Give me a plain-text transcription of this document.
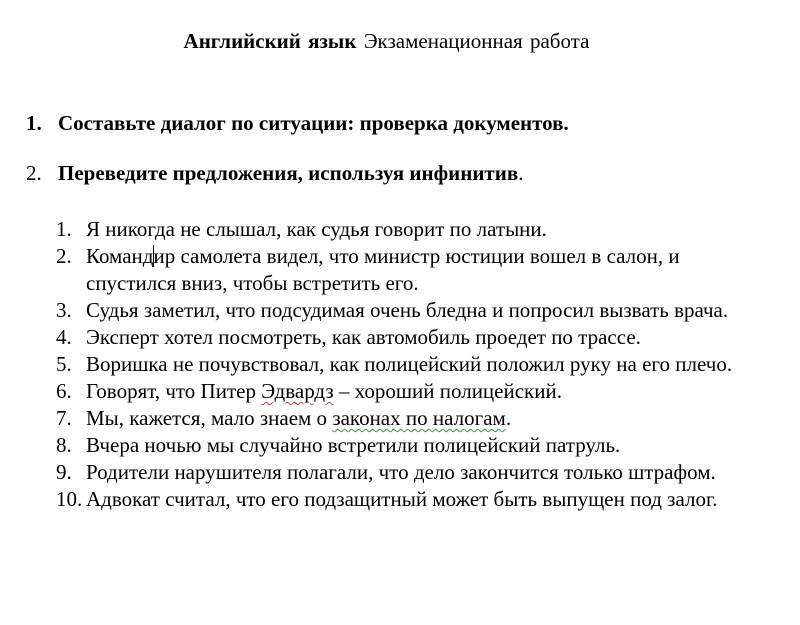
Английский язык Экзаменационная работа
1. Составьте диалог по ситуации: проверка документов.
2. Переведите предложения, используя инфинитив.
1. Я никогда не слышал, как судья говорит по латыни.
2. Командир самолета видел, что министр юстиции вошел в салон, и спустился вниз, чтобы встретить его.
3. Судья заметил, что подсудимая очень бледна и попросил вызвать врача.
4. Эксперт хотел посмотреть, как автомобиль проедет по трассе.
5. Воришка не почувствовал, как полицейский положил руку на его плечо.
6. Говорят, что Питер Эдвардз – хороший полицейский.
7. Мы, кажется, мало знаем о законах по налогам.
8. Вчера ночью мы случайно встретили полицейский патруль.
9. Родители нарушителя полагали, что дело закончится только штрафом.
10. Адвокат считал, что его подзащитный может быть выпущен под залог.
